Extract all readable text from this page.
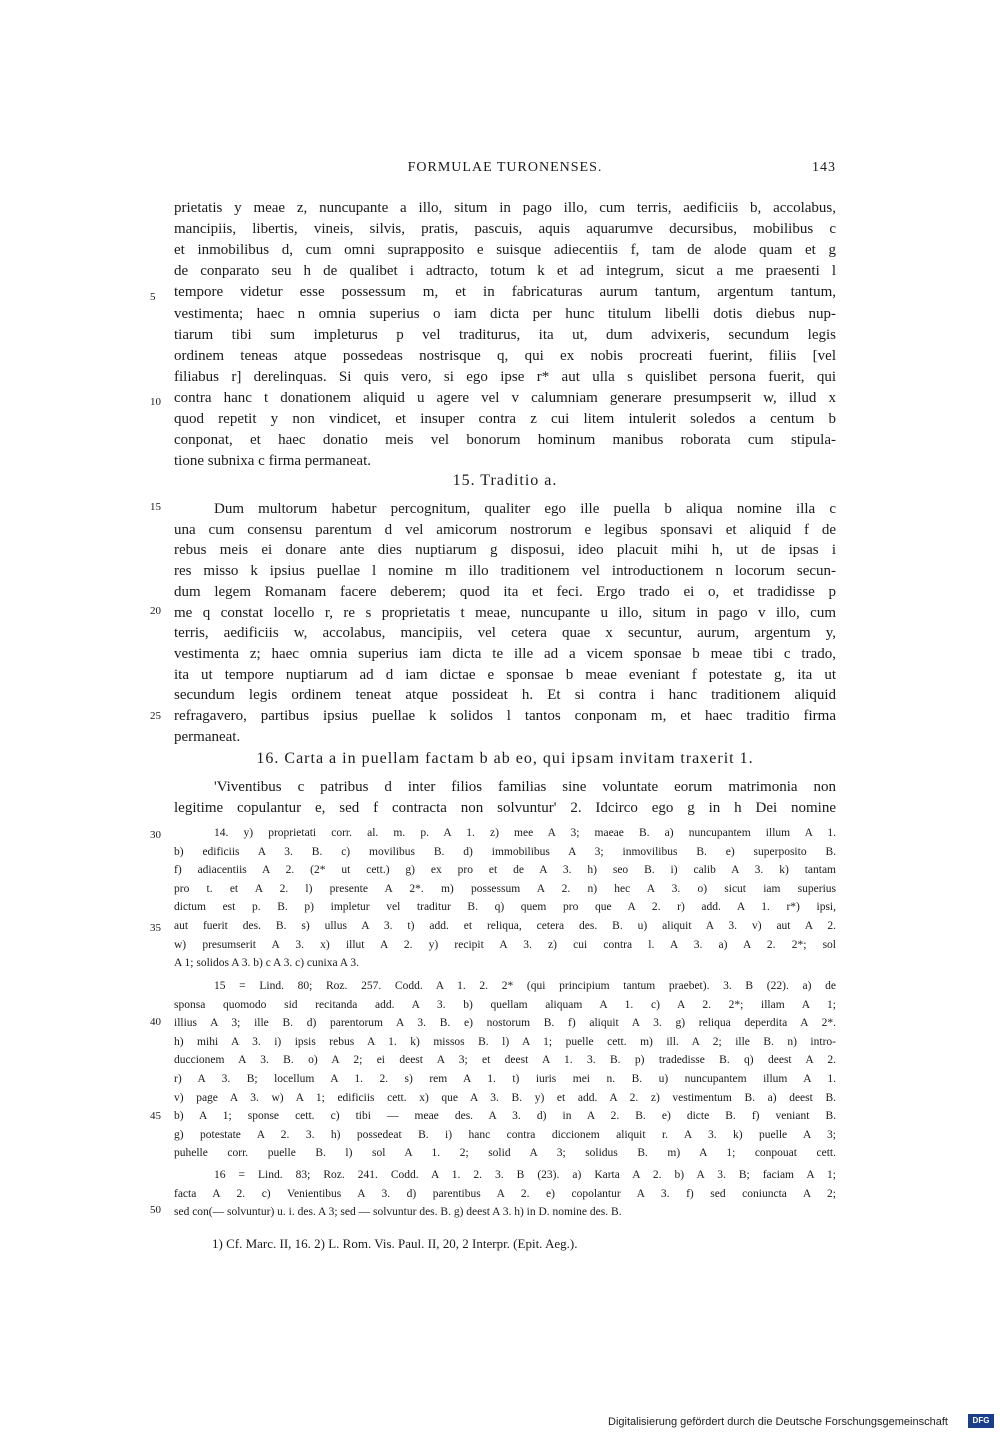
FORMULAE TURONENSES.	143
prietatis y meae z, nuncupante a illo, situm in pago illo, cum terris, aedificiis b, accolabus,
mancipiis, libertis, vineis, silvis, pratis, pascuis, aquis aquarumve decursibus, mobilibus c
et inmobilibus d, cum omni suprapposito e suisque adiecentiis f, tam de alode quam et g
de conparato seu h de qualibet i adtracto, totum k et ad integrum, sicut a me praesenti l
tempore videtur esse possessum m, et in fabricaturas aurum tantum, argentum tantum,
vestimenta; haec n omnia superius o iam dicta per hunc titulum libelli dotis diebus nup-
tiarum tibi sum impleturus p vel traditurus, ita ut, dum advixeris, secundum legis
ordinem teneas atque possedeas nostrisque q, qui ex nobis procreati fuerint, filiis [vel
filiabus r] derelinquas. Si quis vero, si ego ipse r* aut ulla s quislibet persona fuerit, qui
contra hanc t donationem aliquid u agere vel v calumniam generare presumpserit w, illud x
quod repetit y non vindicet, et insuper contra z cui litem intulerit soledos a centum b
conponat, et haec donatio meis vel bonorum hominum manibus roborata cum stipula-
tione subnixa c firma permaneat.
15. Traditio a.
Dum multorum habetur percognitum, qualiter ego ille puella b aliqua nomine illa c
una cum consensu parentum d vel amicorum nostrorum e legibus sponsavi et aliquid f de
rebus meis ei donare ante dies nuptiarum g disposui, ideo placuit mihi h, ut de ipsas i
res misso k ipsius puellae l nomine m illo traditionem vel introductionem n locorum secun-
dum legem Romanam facere deberem; quod ita et feci. Ergo trado ei o, et tradidisse p
me q constat locello r, re s proprietatis t meae, nuncupante u illo, situm in pago v illo, cum
terris, aedificiis w, accolabus, mancipiis, vel cetera quae x secuntur, aurum, argentum y,
vestimenta z; haec omnia superius iam dicta te ille ad a vicem sponsae b meae tibi c trado,
ita ut tempore nuptiarum ad d iam dictae e sponsae b meae eveniant f potestate g, ita ut
secundum legis ordinem teneat atque possideat h. Et si contra i hanc traditionem aliquid
refragavero, partibus ipsius puellae k solidos l tantos conponam m, et haec traditio firma
permaneat.
16. Carta a in puellam factam b ab eo, qui ipsam invitam traxerit 1.
'Viventibus c patribus d inter filios familias sine voluntate eorum matrimonia non
legitime copulantur e, sed f contracta non solvuntur' 2. Idcirco ego g in h Dei nomine
5
10
15
20
25
30
35
40
45
50
14. y) proprietati corr. al. m. p. A 1. z) mee A 3; maeae B. a) nuncupantem illum A 1.
b) edificiis A 3. B. c) movilibus B. d) immobilibus A 3; inmovilibus B. e) superposito B.
f) adiacentiis A 2. (2* ut cett.) g) ex pro et de A 3. h) seo B. i) calib A 3. k) tantam
pro t. et A 2. l) presente A 2*. m) possessum A 2. n) hec A 3. o) sicut iam superius
dictum est p. B. p) impletur vel traditur B. q) quem pro que A 2. r) add. A 1. r*) ipsi,
aut fuerit des. B. s) ullus A 3. t) add. et reliqua, cetera des. B. u) aliquit A 3. v) aut A 2.
w) presumserit A 3. x) illut A 2. y) recipit A 3. z) cui contra l. A 3. a) A 2. 2*; sol
A 1; solidos A 3. b) c A 3. c) cunixa A 3.
15 = Lind. 80; Roz. 257. Codd. A 1. 2. 2* (qui principium tantum praebet). 3. B (22). a) de
sponsa quomodo sid recitanda add. A 3. b) quellam aliquam A 1. c) A 2. 2*; illam A 1;
illius A 3; ille B. d) parentorum A 3. B. e) nostorum B. f) aliquit A 3. g) reliqua deperdita A 2*.
h) mihi A 3. i) ipsis rebus A 1. k) missos B. l) A 1; puelle cett. m) ill. A 2; ille B. n) intro-
duccionem A 3. B. o) A 2; ei deest A 3; et deest A 1. 3. B. p) tradedisse B. q) deest A 2.
r) A 3. B; locellum A 1. 2. s) rem A 1. t) iuris mei n. B. u) nuncupantem illum A 1.
v) page A 3. w) A 1; edificiis cett. x) que A 3. B. y) et add. A 2. z) vestimentum B. a) deest B.
b) A 1; sponse cett. c) tibi — meae des. A 3. d) in A 2. B. e) dicte B. f) veniant B.
g) potestate A 2. 3. h) possedeat B. i) hanc contra diccionem aliquit r. A 3. k) puelle A 3;
puhelle corr. puelle B. l) sol A 1. 2; solid A 3; solidus B. m) A 1; conpouat cett.
16 = Lind. 83; Roz. 241. Codd. A 1. 2. 3. B (23). a) Karta A 2. b) A 3. B; faciam A 1;
facta A 2. c) Venientibus A 3. d) parentibus A 2. e) copolantur A 3. f) sed coniuncta A 2;
sed con(— solvuntur) u. i. des. A 3; sed — solvuntur des. B. g) deest A 3. h) in D. nomine des. B.
1) Cf. Marc. II, 16. 2) L. Rom. Vis. Paul. II, 20, 2 Interpr. (Epit. Aeg.).
Digitalisierung gefördert durch die Deutsche Forschungsgemeinschaft	DFG
